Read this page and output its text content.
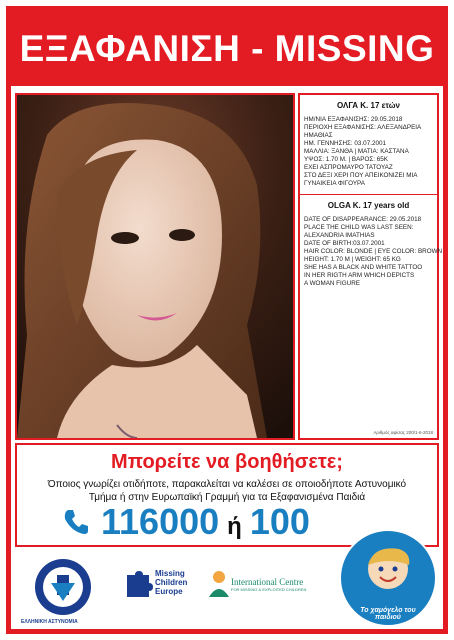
ΕΞΑΦΑΝΙΣΗ - MISSING
ΟΛΓΑ Κ. 17 ετών
ΗΜ/ΝΙΑ ΕΞΑΦΑΝΙΣΗΣ: 29.05.2018
ΠΕΡΙΟΧΗ ΕΞΑΦΑΝΙΣΗΣ: ΑΛΕΞΑΝΔΡΕΙΑ
ΗΜΑΘΙΑΣ
ΗΜ. ΓΕΝΝΗΣΗΣ: 03.07.2001
ΜΑΛΛΙΑ: ΞΑΝΘΑ | ΜΑΤΙΑ: ΚΑΣΤΑΝΑ
ΥΨΟΣ: 1.70 M. | ΒΑΡΟΣ: 65K
ΕΧΕΙ ΑΣΠΡΟΜΑΥΡΟ ΤΑΤΟΥΑΖ
ΣΤΟ ΔΕΞΙ ΧΕΡΙ ΠΟΥ ΑΠΕΙΚΟΝΙΖΕΙ ΜΙΑ
ΓΥΝΑΙΚΕΙΑ ΦΙΓΟΥΡΑ
OLGA K. 17 years old
DATE OF DISAPPEARANCE: 29.05.2018
PLACE THE CHILD WAS LAST SEEN:
ALEXANDRIA IMATHIAS
DATE OF BIRTH:03.07.2001
HAIR COLOR: BLONDE | EYE COLOR: BROWN
HEIGHT: 1.70 M | WEIGHT: 65 KG
SHE HAS A BLACK AND WHITE TATTOO
IN HER RIGTH ARM WHICH DEPICTS
A WOMAN FIGURE
Αριθμός αφίσας 200/1-6-2018
Μπορείτε να βοηθήσετε;
Όποιος γνωρίζει οτιδήποτε, παρακαλείται να καλέσει σε οποιοδήποτε Αστυνομικό
Τμήμα ή στην Ευρωπαϊκή Γραμμή για τα Εξαφανισμένα Παιδιά
116000 ή 100
ΕΛΛΗΝΙΚΗ ΑΣΤΥΝΟΜΙΑ
Missing
Children
Europe
International Centre
FOR MISSING & EXPLOITED CHILDREN
Το χαμόγελο του παιδιού
